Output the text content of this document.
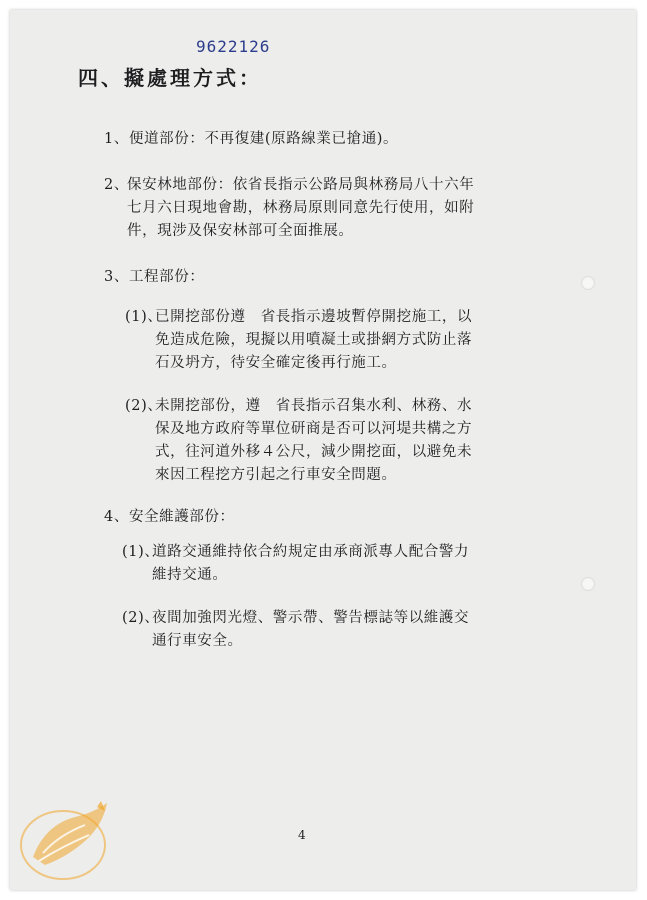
9622126
四、擬處理方式：
1、便道部份：不再復建(原路線業已搶通)。
2、
保安林地部份：依省長指示公路局與林務局八十六年
七月六日現地會勘，林務局原則同意先行使用，如附
件，現涉及保安林部可全面推展。
3、工程部份：
(1)、
已開挖部份遵　省長指示邊坡暫停開挖施工，以
免造成危險，現擬以用噴凝土或掛網方式防止落
石及坍方，待安全確定後再行施工。
(2)、
未開挖部份，遵　省長指示召集水利、林務、水
保及地方政府等單位研商是否可以河堤共構之方
式，往河道外移４公尺，減少開挖面，以避免未
來因工程挖方引起之行車安全問題。
4、安全維護部份：
(1)、
道路交通維持依合約規定由承商派專人配合警力
維持交通。
(2)、
夜間加強閃光燈、警示帶、警告標誌等以維護交
通行車安全。
4
